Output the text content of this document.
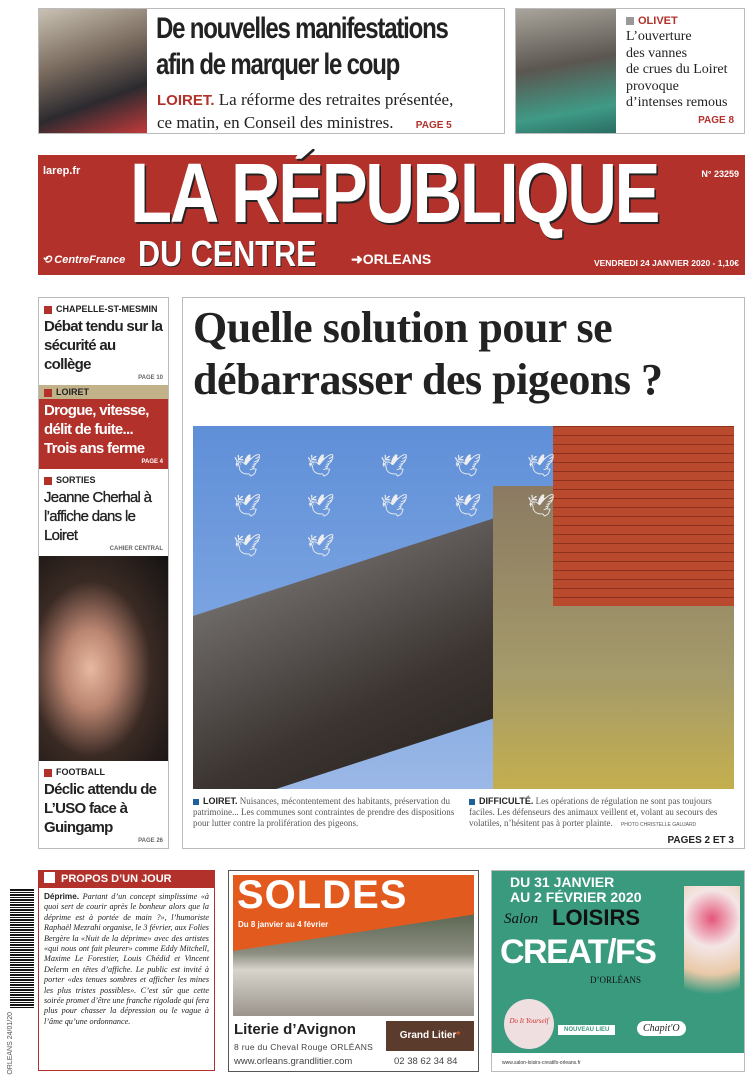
De nouvelles manifestations
afin de marquer le coup
LOIRET. La réforme des retraites présentée,
ce matin, en Conseil des ministres. PAGE 5
OLIVET
L’ouverture
des vannes
de crues du Loiret
provoque
d’intenses remous
PAGE 8
larep.fr	N° 23259
LA RÉPUBLIQUE
DU CENTRE
⟲ CentreFrance	➜ORLEANS	VENDREDI 24 JANVIER 2020 - 1,10€
CHAPELLE-ST-MESMIN
Débat tendu sur la sécurité au collège
PAGE 10
LOIRET
Drogue, vitesse, délit de fuite... Trois ans ferme
PAGE 4
SORTIES
Jeanne Cherhal à l’affiche dans le Loiret
CAHIER CENTRAL
FOOTBALL
Déclic attendu de L’USO face à Guingamp
PAGE 26
Quelle solution pour se
débarrasser des pigeons ?
🕊 🕊 🕊 🕊 🕊 🕊 🕊 🕊 🕊 🕊 🕊 🕊
LOIRET. Nuisances, mécontentement des habitants, préservation du patrimoine... Les communes sont contraintes de prendre des dispositions pour lutter contre la prolifération des pigeons.
DIFFICULTÉ. Les opérations de régulation ne sont pas toujours faciles. Les défenseurs des animaux veillent et, volant au secours des volatiles, n’hésitent pas à porter plainte. PHOTO CHRISTELLE GAUJARD
PAGES 2 ET 3
ORLEANS 24/01/20
PROPOS D’UN JOUR
Déprime. Partant d’un concept simplissime «à quoi sert de courir après le bonheur alors que la déprime est à portée de main ?», l’humoriste Raphaël Mezrahi organise, le 3 février, aux Folies Bergère la «Nuit de la déprime» avec des artistes «qui nous ont fait pleurer» comme Eddy Mitchell, Maxime Le Forestier, Louis Chédid et Vincent Delerm en têtes d’affiche. Le public est invité à porter «des tenues sombres et afficher les mines les plus tristes possibles». C’est sûr que cette soirée promet d’être une franche rigolade qui fera plus pour chasser la dépression ou le vague à l’âme qu’une ordonnance.
SOLDES
Du 8 janvier au 4 février
Literie d’Avignon	Grand Litier*
8 rue du Cheval Rouge ORLÉANS
www.orleans.grandlitier.com	02 38 62 34 84
DU 31 JANVIER
AU 2 FÉVRIER 2020
Salon LOISIRS
CREAT/FS
D’ORLÉANS
Do It Yourself
NOUVEAU LIEU	Chapit'O
www.salon-loisirs-creatifs-orleans.fr
